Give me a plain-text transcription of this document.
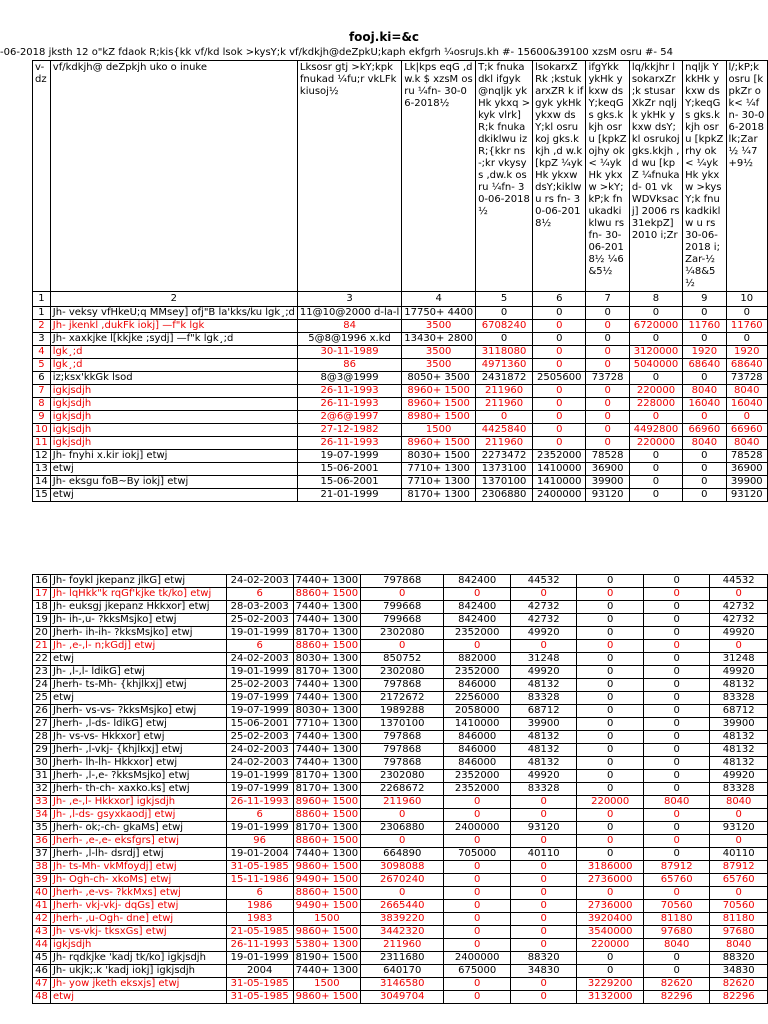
fooj.ki=&c
-06-2018 jksth 12 o"kZ fdaok R;kis{kk vf/kd lsok >kysY;k vf/kdkjh@deZpkU;kaph ekfgrh ¼osruJs.kh #- 15600&39100 xzsM osru #- 54
v-dz	vf/kdkjh@ deZpkjh uko o inuke	Lksosr gtj >kY;kpk fnukad ¼fu;r vkLFkkiusoj½	Lk|kps eqG ,dw.k $ xzsM osru ¼fn- 30-06-2018½	T;k fnukadkl ifgyk@nqljk ykHk ykxq >kyk vlrk] R;k fnukadkiklwu izR;{kkr ns-;kr vkysys ,dw.k osru ¼fn- 30-06-2018½	lsokarxZRk ;kstukarxZR k ifgyk ykHk ykxw dsY;kl osrukoj gks.kkjh ,d w.k [kpZ ¼ykHk ykxw dsY;kiklwu rs fn- 30-06-2018½	ifgYkk ykHk ykxw dsY;keqGs gks.kkjh osru [kpkZojhy ok< ¼ykHk ykxw >kY;kP;k fnukadkiklwu rs fn- 30-06-2018½ ¼6&5½	lq/kkjhr lsokarxZr ;k stusarXkZr nqljk ykHk ykxw dsY;kl osrukoj gks.kkjh ,d wu [kpZ ¼fnukad- 01 vkWDVksac j] 2006 rs 31ekpZ] 2010 i;Zr	nqljk YkkHk ykxw dsY;keqGs gks.kkjh osru [kpkZrhy ok< ¼ykHk ykxw >kysY;k fnukadkiklw u rs 30-06-2018 i;Zar-½ ¼8&5½	l/;kP;k osru [kpkZr ok< ¼fn- 30-06-2018 lk;Zar½ ¼7+9½
1	2	3	4	5	6	7	8	9	10
1	Jh- veksy vfHkeU;q MMsey] ofj"B la'kks/ku lgk¸;d	11@10@2000 d-la-l	17750+ 4400	0	0	0	0	0	0
2	Jh- jkenkl ,dukFk iokj] —f"k lgk	84	3500	6708240	0	0	6720000	11760	11760
3	Jh- xaxkjke l[kkjke ;sydj] —f"k lgk¸;d	5@8@1996 x.kd	13430+ 2800	0	0	0	0	0	0
4	lgk¸;d	30-11-1989	3500	3118080	0	0	3120000	1920	1920
5	lgk¸;d	86	3500	4971360	0	0	5040000	68640	68640
6	iz;ksx'kkGk lsod	8@3@1999	8050+ 3500	2431872	2505600	73728	0	0	73728
7	igkjsdjh	26-11-1993	8960+ 1500	211960	0	0	220000	8040	8040
8	igkjsdjh	26-11-1993	8960+ 1500	211960	0	0	228000	16040	16040
9	igkjsdjh	2@6@1997	8980+ 1500	0	0	0	0	0	0
10	igkjsdjh	27-12-1982	1500	4425840	0	0	4492800	66960	66960
11	igkjsdjh	26-11-1993	8960+ 1500	211960	0	0	220000	8040	8040
12	Jh- fnyhi x.kir iokj] etwj	19-07-1999	8030+ 1500	2273472	2352000	78528	0	0	78528
13	etwj	15-06-2001	7710+ 1300	1373100	1410000	36900	0	0	36900
14	Jh- eksgu foB~By iokj] etwj	15-06-2001	7710+ 1300	1370100	1410000	39900	0	0	39900
15	etwj	21-01-1999	8170+ 1300	2306880	2400000	93120	0	0	93120
16	Jh- foykl jkepanz jlkG] etwj	24-02-2003	7440+ 1300	797868	842400	44532	0	0	44532
17	Jh- lqHkk"k rqGf'kjke tk/ko] etwj	6	8860+ 1500	0	0	0	0	0	0
18	Jh- euksgj jkepanz Hkkxor] etwj	28-03-2003	7440+ 1300	799668	842400	42732	0	0	42732
19	Jh- ih-,u- ?kksMsjko] etwj	25-02-2003	7440+ 1300	799668	842400	42732	0	0	42732
20	Jherh- ih-ih- ?kksMsjko] etwj	19-01-1999	8170+ 1300	2302080	2352000	49920	0	0	49920
21	Jh- ,e-,l- n;kGdj] etwj	6	8860+ 1500	0	0	0	0	0	0
22	etwj	24-02-2003	8030+ 1300	850752	882000	31248	0	0	31248
23	Jh- ,l-,l- ldikG] etwj	19-01-1999	8170+ 1300	2302080	2352000	49920	0	0	49920
24	Jherh- ts-Mh- {khjlkxj] etwj	25-02-2003	7440+ 1300	797868	846000	48132	0	0	48132
25	etwj	19-07-1999	7440+ 1300	2172672	2256000	83328	0	0	83328
26	Jherh- vs-vs- ?kksMsjko] etwj	19-07-1999	8030+ 1300	1989288	2058000	68712	0	0	68712
27	Jherh- ,l-ds- ldikG] etwj	15-06-2001	7710+ 1300	1370100	1410000	39900	0	0	39900
28	Jh- vs-vs- Hkkxor] etwj	25-02-2003	7440+ 1300	797868	846000	48132	0	0	48132
29	Jherh- ,l-vkj- {khjlkxj] etwj	24-02-2003	7440+ 1300	797868	846000	48132	0	0	48132
30	Jherh- lh-lh- Hkkxor] etwj	24-02-2003	7440+ 1300	797868	846000	48132	0	0	48132
31	Jherh- ,l-,e- ?kksMsjko] etwj	19-01-1999	8170+ 1300	2302080	2352000	49920	0	0	49920
32	Jherh- th-ch- xaxko.ks] etwj	19-07-1999	8170+ 1300	2268672	2352000	83328	0	0	83328
33	Jh- ,e-,l- Hkkxor] igkjsdjh	26-11-1993	8960+ 1500	211960	0	0	220000	8040	8040
34	Jh- ,l-ds- gsyxkaodj] etwj	6	8860+ 1500	0	0	0	0	0	0
35	Jherh- ok;-ch- gkaMs] etwj	19-01-1999	8170+ 1300	2306880	2400000	93120	0	0	93120
36	Jherh- ,e-,e- eksfgrs] etwj	96	8860+ 1500	0	0	0	0	0	0
37	Jherh- ,l-lh- dsrdj] etwj	19-01-2004	7440+ 1300	664890	705000	40110	0	0	40110
38	Jh- ts-Mh- vkMfoydj] etwj	31-05-1985	9860+ 1500	3098088	0	0	3186000	87912	87912
39	Jh- Ogh-ch- xkoMs] etwj	15-11-1986	9490+ 1500	2670240	0	0	2736000	65760	65760
40	Jherh- ,e-vs- ?kkMxs] etwj	6	8860+ 1500	0	0	0	0	0	0
41	Jherh- vkj-vkj- dqGs] etwj	1986	9490+ 1500	2665440	0	0	2736000	70560	70560
42	Jherh- ,u-Ogh- dne] etwj	1983	1500	3839220	0	0	3920400	81180	81180
43	Jh- vs-vkj- tksxGs] etwj	21-05-1985	9860+ 1500	3442320	0	0	3540000	97680	97680
44	igkjsdjh	26-11-1993	5380+ 1300	211960	0	0	220000	8040	8040
45	Jh- rqdkjke 'kadj tk/ko] igkjsdjh	19-01-1999	8190+ 1500	2311680	2400000	88320	0	0	88320
46	Jh- ukjk;.k 'kadj iokj] igkjsdjh	2004	7440+ 1300	640170	675000	34830	0	0	34830
47	Jh- yow jketh eksxjs] etwj	31-05-1985	1500	3146580	0	0	3229200	82620	82620
48	etwj	31-05-1985	9860+ 1500	3049704	0	0	3132000	82296	82296
